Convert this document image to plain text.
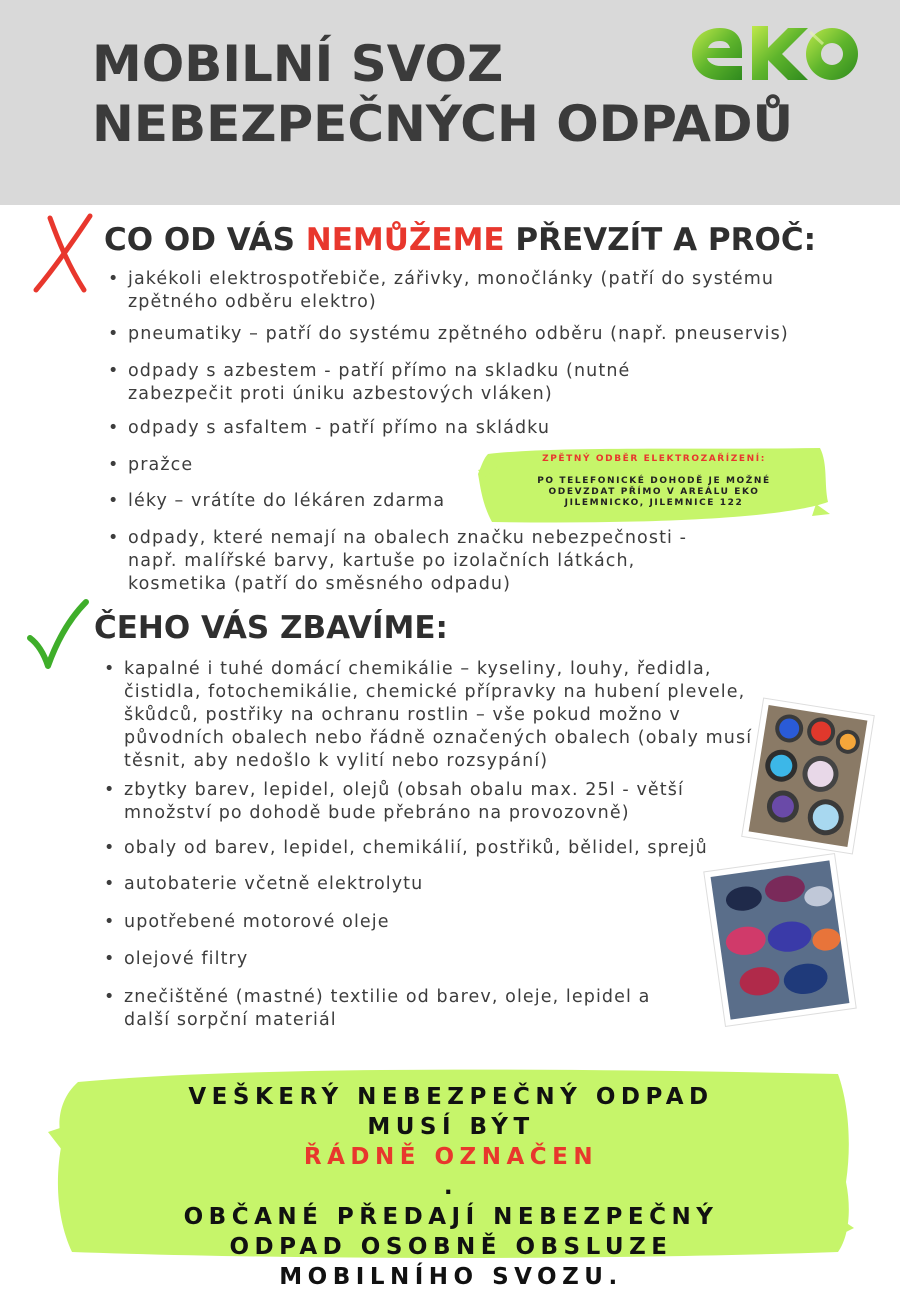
MOBILNÍ SVOZ
NEBEZPEČNÝCH ODPADŮ
CO OD VÁS NEMŮŽEME PŘEVZÍT A PROČ:
• jakékoli elektrospotřebiče, zářivky, monočlánky (patří do systému
zpětného odběru elektro)
• pneumatiky – patří do systému zpětného odběru (např. pneuservis)
• odpady s azbestem - patří přímo na skladku (nutné
zabezpečit proti úniku azbestových vláken)
• odpady s asfaltem - patří přímo na skládku
• pražce
• léky – vrátíte do lékáren zdarma
• odpady, které nemají na obalech značku nebezpečnosti -
např. malířské barvy, kartuše po izolačních látkách,
kosmetika (patří do směsného odpadu)
ZPĚTNÝ ODBĚR ELEKTROZAŘÍZENÍ:
PO TELEFONICKÉ DOHODĚ JE MOŽNÉ
ODEVZDAT PŘÍMO V AREÁLU EKO
JILEMNICKO, JILEMNICE 122
ČEHO VÁS ZBAVÍME:
• kapalné i tuhé domácí chemikálie – kyseliny, louhy, ředidla,
čistidla, fotochemikálie, chemické přípravky na hubení plevele,
škůdců, postřiky na ochranu rostlin – vše pokud možno v
původních obalech nebo řádně označených obalech (obaly musí
těsnit, aby nedošlo k vylití nebo rozsypání)
• zbytky barev, lepidel, olejů (obsah obalu max. 25l - větší
množství po dohodě bude přebráno na provozovně)
• obaly od barev, lepidel, chemikálií, postřiků, bělidel, sprejů
• autobaterie včetně elektrolytu
• upotřebené motorové oleje
• olejové filtry
• znečištěné (mastné) textilie od barev, oleje, lepidel a
další sorpční materiál
VEŠKERÝ NEBEZPEČNÝ ODPAD
MUSÍ BÝT
ŘÁDNĚ OZNAČEN
.
OBČANÉ PŘEDAJÍ NEBEZPEČNÝ
ODPAD OSOBNĚ OBSLUZE
MOBILNÍHO SVOZU.
